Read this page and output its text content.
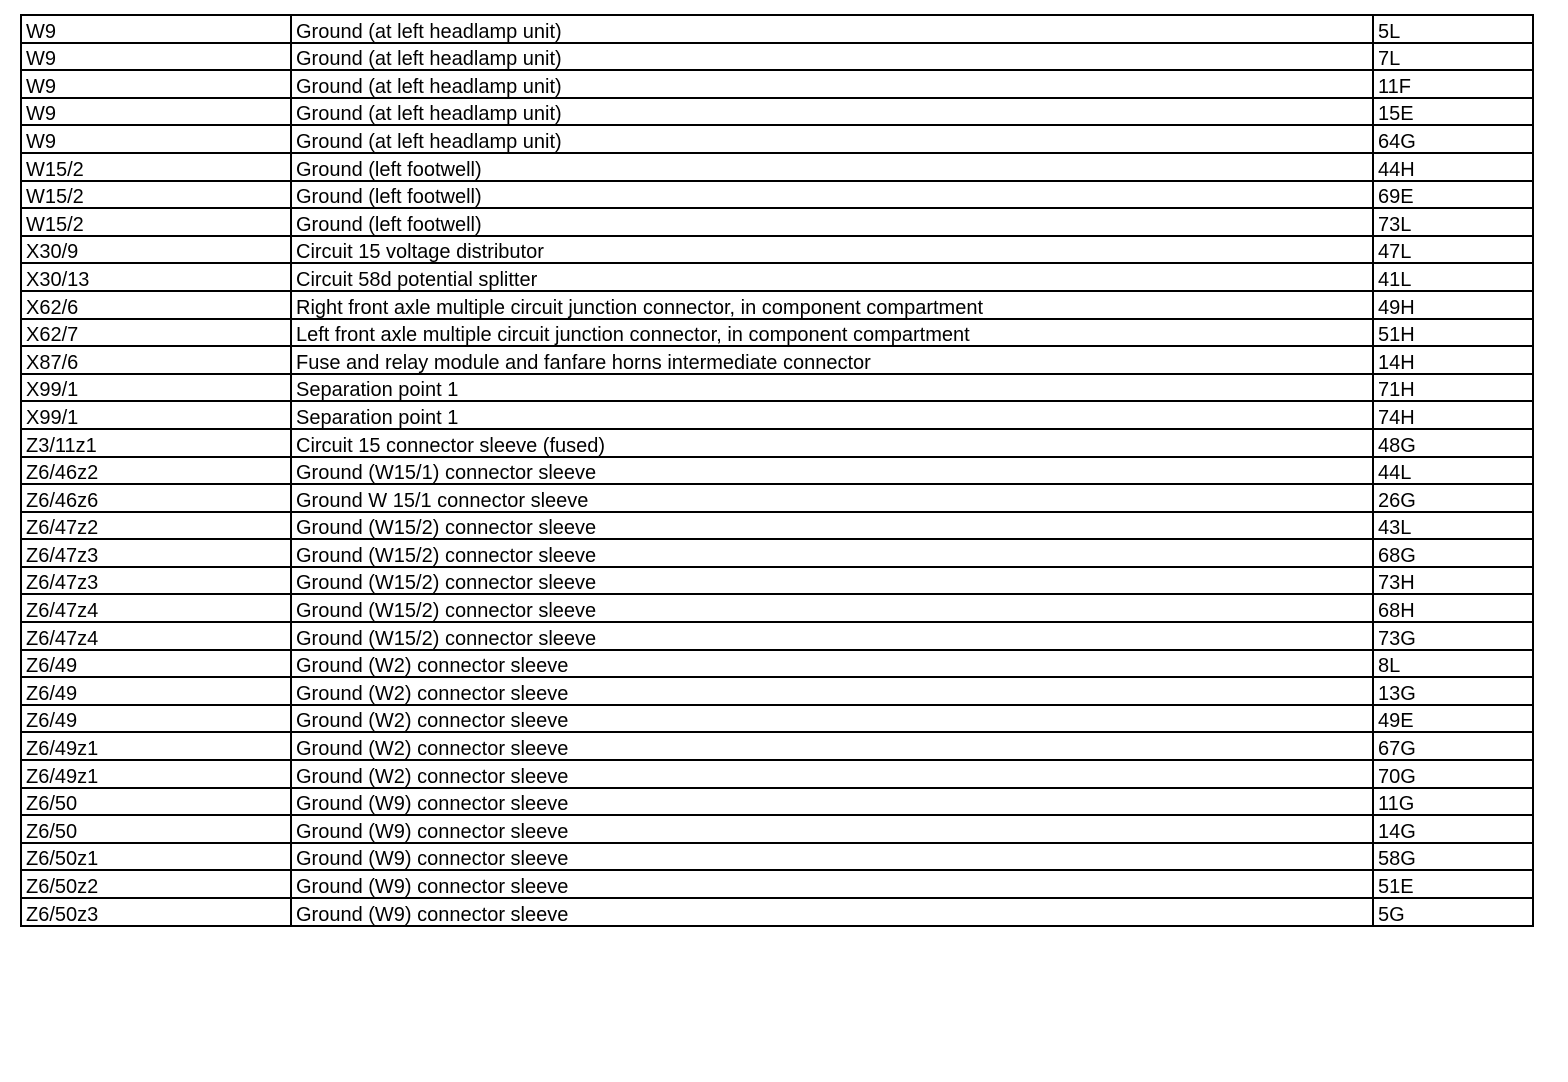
W9	Ground (at left headlamp unit)	5L
W9	Ground (at left headlamp unit)	7L
W9	Ground (at left headlamp unit)	11F
W9	Ground (at left headlamp unit)	15E
W9	Ground (at left headlamp unit)	64G
W15/2	Ground (left footwell)	44H
W15/2	Ground (left footwell)	69E
W15/2	Ground (left footwell)	73L
X30/9	Circuit 15 voltage distributor	47L
X30/13	Circuit 58d potential splitter	41L
X62/6	Right front axle multiple circuit junction connector, in component compartment	49H
X62/7	Left front axle multiple circuit junction connector, in component compartment	51H
X87/6	Fuse and relay module and fanfare horns intermediate connector	14H
X99/1	Separation point 1	71H
X99/1	Separation point 1	74H
Z3/11z1	Circuit 15 connector sleeve (fused)	48G
Z6/46z2	Ground (W15/1) connector sleeve	44L
Z6/46z6	Ground W 15/1 connector sleeve	26G
Z6/47z2	Ground (W15/2) connector sleeve	43L
Z6/47z3	Ground (W15/2) connector sleeve	68G
Z6/47z3	Ground (W15/2) connector sleeve	73H
Z6/47z4	Ground (W15/2) connector sleeve	68H
Z6/47z4	Ground (W15/2) connector sleeve	73G
Z6/49	Ground (W2) connector sleeve	8L
Z6/49	Ground (W2) connector sleeve	13G
Z6/49	Ground (W2) connector sleeve	49E
Z6/49z1	Ground (W2) connector sleeve	67G
Z6/49z1	Ground (W2) connector sleeve	70G
Z6/50	Ground (W9) connector sleeve	11G
Z6/50	Ground (W9) connector sleeve	14G
Z6/50z1	Ground (W9) connector sleeve	58G
Z6/50z2	Ground (W9) connector sleeve	51E
Z6/50z3	Ground (W9) connector sleeve	5G
